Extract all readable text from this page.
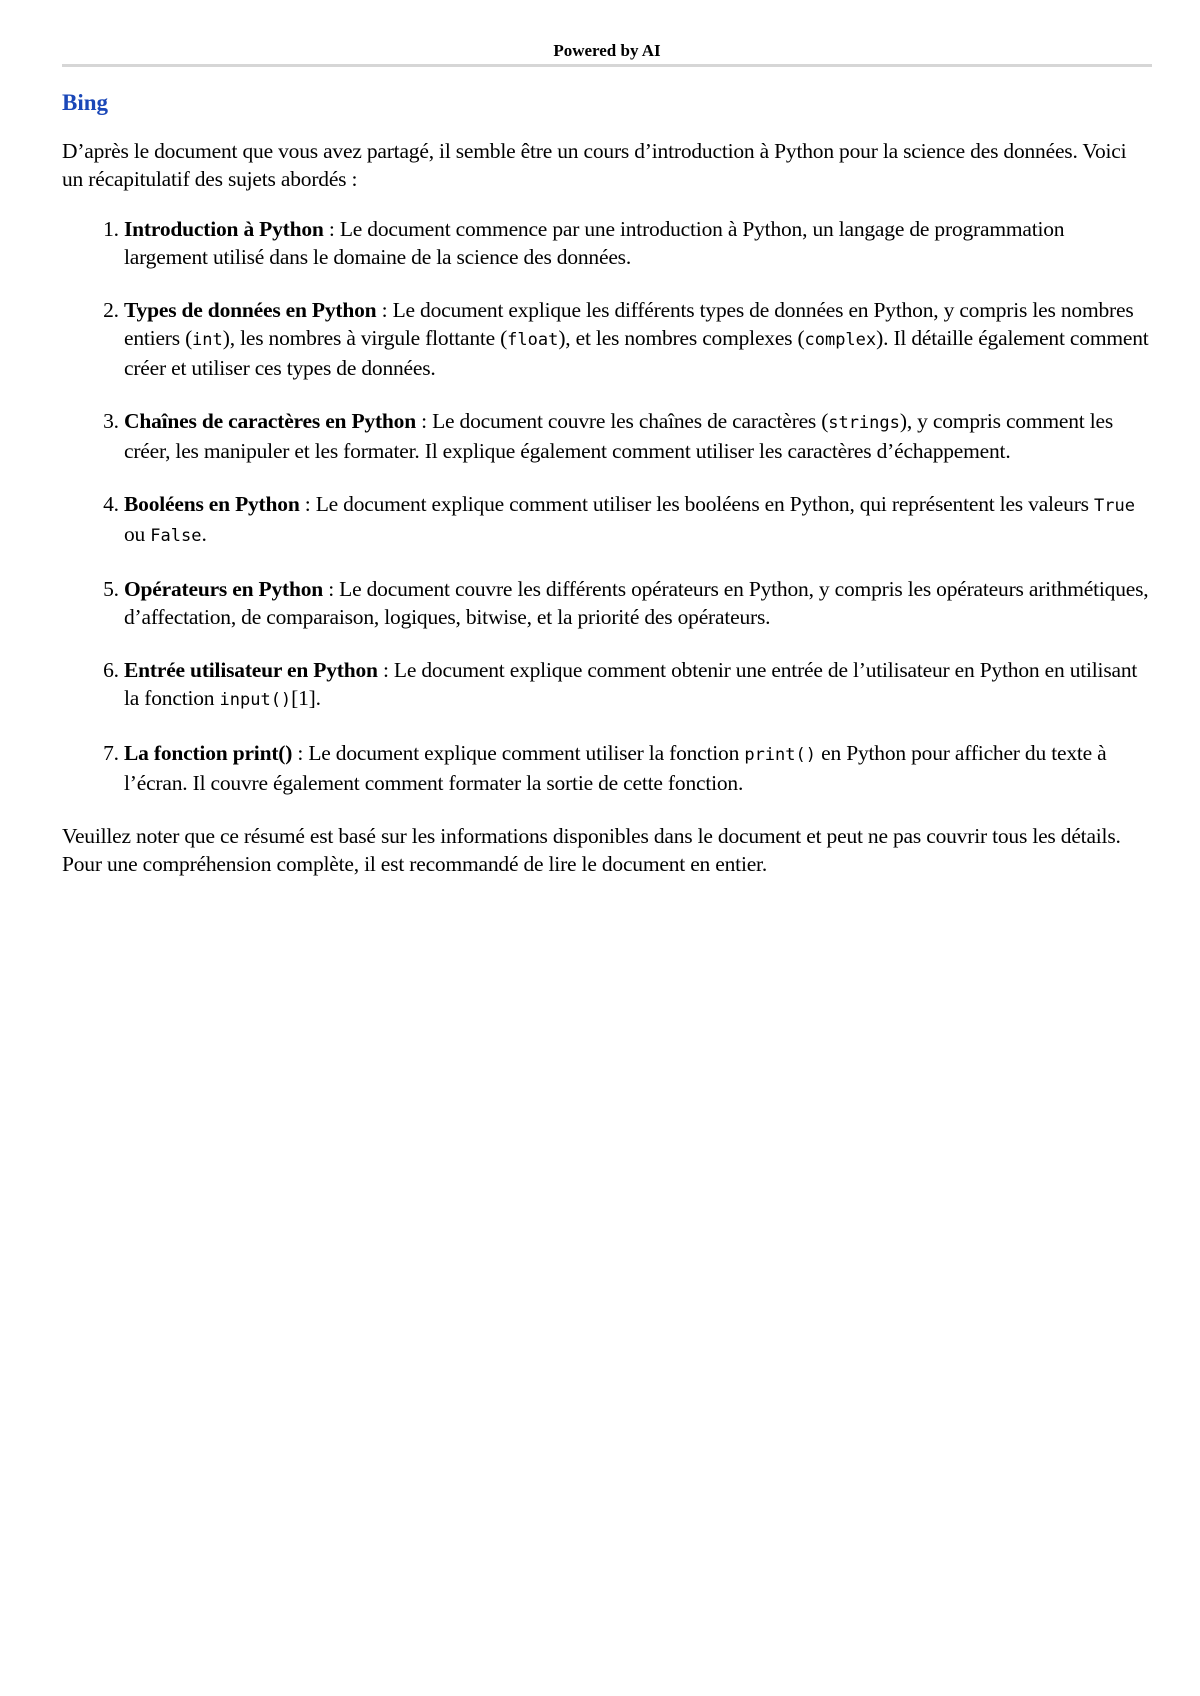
Powered by AI
Bing

D’après le document que vous avez partagé, il semble être un cours d’introduction à Python pour la science des données. Voici un récapitulatif des sujets abordés :

1. Introduction à Python : Le document commence par une introduction à Python, un langage de programmation largement utilisé dans le domaine de la science des données.
2. Types de données en Python : Le document explique les différents types de données en Python, y compris les nombres entiers (int), les nombres à virgule flottante (float), et les nombres complexes (complex). Il détaille également comment créer et utiliser ces types de données.
3. Chaînes de caractères en Python : Le document couvre les chaînes de caractères (strings), y compris comment les créer, les manipuler et les formater. Il explique également comment utiliser les caractères d’échappement.
4. Booléens en Python : Le document explique comment utiliser les booléens en Python, qui représentent les valeurs True ou False.
5. Opérateurs en Python : Le document couvre les différents opérateurs en Python, y compris les opérateurs arithmétiques, d’affectation, de comparaison, logiques, bitwise, et la priorité des opérateurs.
6. Entrée utilisateur en Python : Le document explique comment obtenir une entrée de l’utilisateur en Python en utilisant la fonction input()[1].
7. La fonction print() : Le document explique comment utiliser la fonction print() en Python pour afficher du texte à l’écran. Il couvre également comment formater la sortie de cette fonction.

Veuillez noter que ce résumé est basé sur les informations disponibles dans le document et peut ne pas couvrir tous les détails. Pour une compréhension complète, il est recommandé de lire le document en entier.
